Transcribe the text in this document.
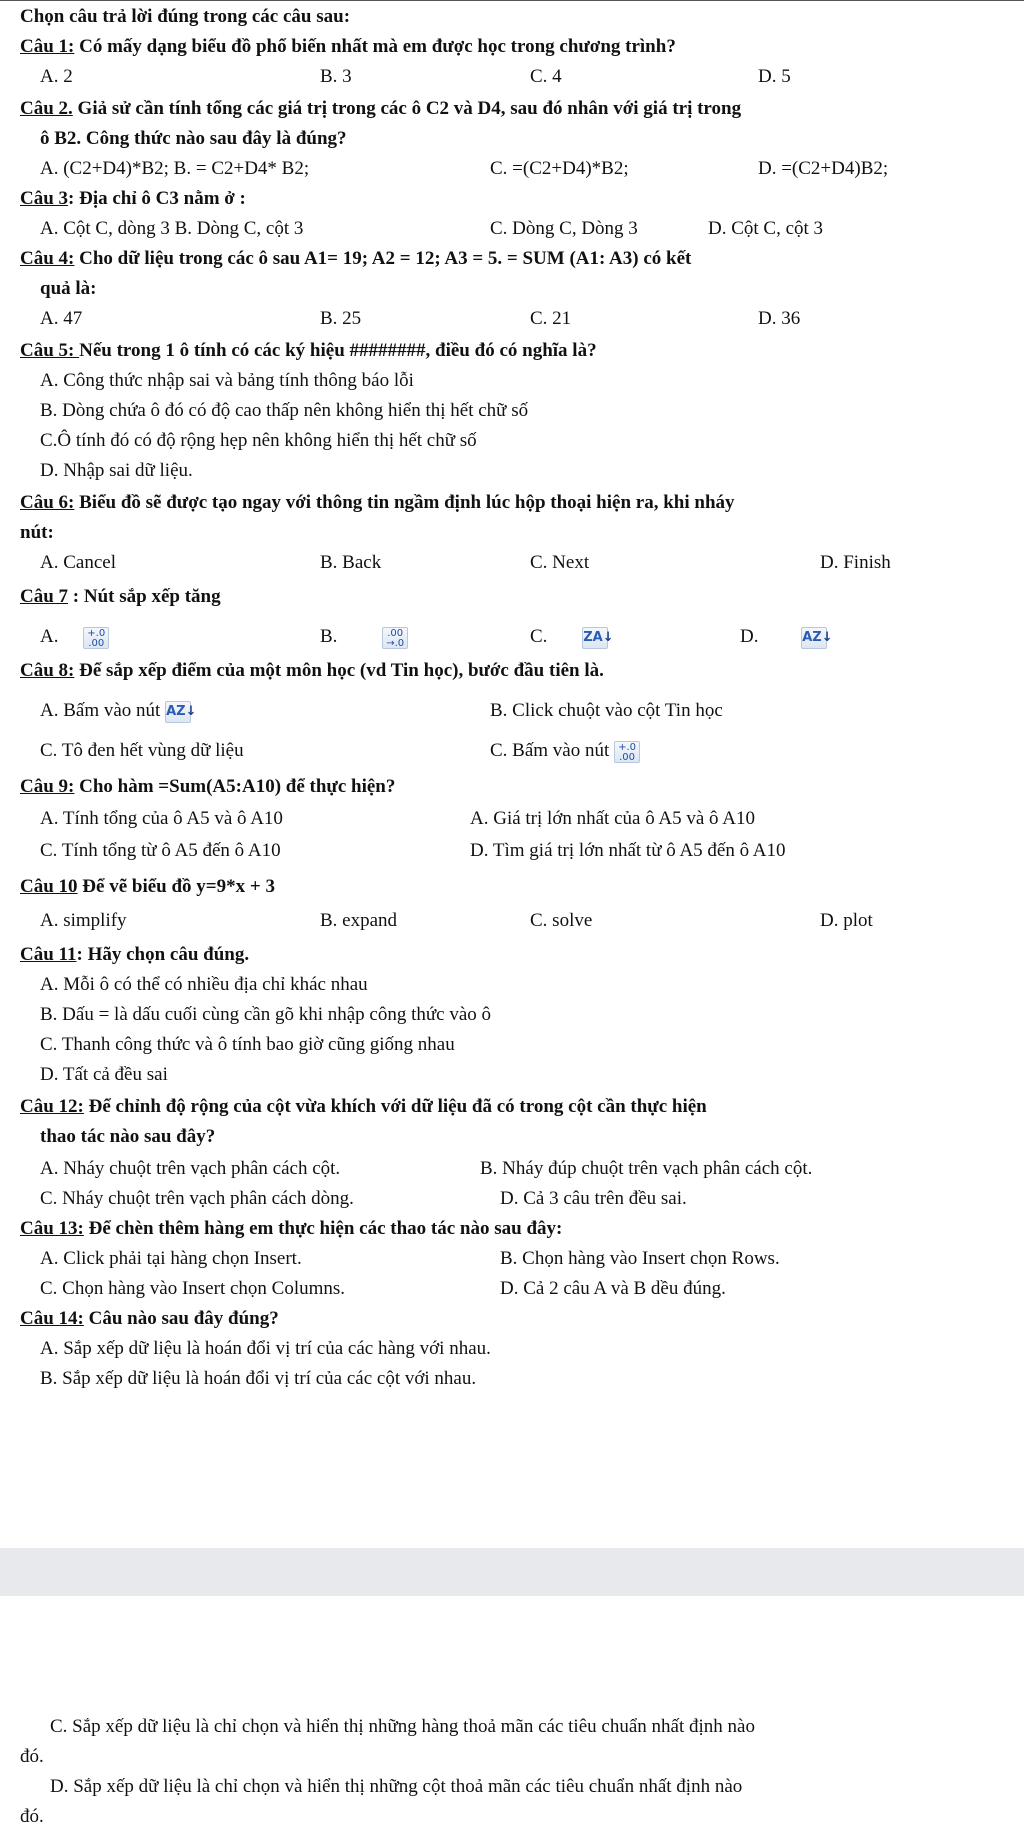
Chọn câu trả lời đúng trong các câu sau:
Câu 1: Có mấy dạng biểu đồ phổ biến nhất mà em được học trong chương trình?
A. 2	B. 3	C. 4	D. 5
Câu 2. Giả sử cần tính tổng các giá trị trong các ô C2 và D4, sau đó nhân với giá trị trong
ô B2. Công thức nào sau đây là đúng?
A. (C2+D4)*B2; B. = C2+D4* B2;	C. =(C2+D4)*B2;	D. =(C2+D4)B2;
Câu 3: Địa chỉ ô C3 nằm ở :
A. Cột C, dòng 3 B. Dòng C, cột 3	C. Dòng C, Dòng 3	D. Cột C, cột 3
Câu 4: Cho dữ liệu trong các ô sau A1= 19; A2 = 12; A3 = 5. = SUM (A1: A3) có kết
quả là:
A. 47	B. 25	C. 21	D. 36
Câu 5: Nếu trong 1 ô tính có các ký hiệu ########, điều đó có nghĩa là?
A. Công thức nhập sai và bảng tính thông báo lỗi
B. Dòng chứa ô đó có độ cao thấp nên không hiển thị hết chữ số
C.Ô tính đó có độ rộng hẹp nên không hiển thị hết chữ số
D. Nhập sai dữ liệu.
Câu 6: Biểu đồ sẽ được tạo ngay với thông tin ngầm định lúc hộp thoại hiện ra, khi nháy
nút:
A. Cancel	B. Back	C. Next	D. Finish
Câu 7 : Nút sắp xếp tăng
A.	+.0
.00	B.	.00
→.0	C.	ZA↓	D.	AZ↓
Câu 8: Để sắp xếp điểm của một môn học (vd Tin học), bước đầu tiên là.
A. Bấm vào nút AZ↓	B. Click chuột vào cột Tin học
C. Tô đen hết vùng dữ liệu	C. Bấm vào nút +.0
.00
Câu 9: Cho hàm =Sum(A5:A10) để thực hiện?
A. Tính tổng của ô A5 và ô A10	A. Giá trị lớn nhất của ô A5 và ô A10
C. Tính tổng từ ô A5 đến ô A10	D. Tìm giá trị lớn nhất từ ô A5 đến ô A10
Câu 10 Để vẽ biểu đồ y=9*x + 3
A. simplify	B. expand	C. solve	D. plot
Câu 11: Hãy chọn câu đúng.
A. Mỗi ô có thể có nhiều địa chỉ khác nhau
B. Dấu = là dấu cuối cùng cần gõ khi nhập công thức vào ô
C. Thanh công thức và ô tính bao giờ cũng giống nhau
D. Tất cả đều sai
Câu 12: Để chỉnh độ rộng của cột vừa khích với dữ liệu đã có trong cột cần thực hiện
thao tác nào sau đây?
A. Nháy chuột trên vạch phân cách cột.	B. Nháy đúp chuột trên vạch phân cách cột.
C. Nháy chuột trên vạch phân cách dòng.	D. Cả 3 câu trên đều sai.
Câu 13: Để chèn thêm hàng em thực hiện các thao tác nào sau đây:
A. Click phải tại hàng chọn Insert.	B. Chọn hàng vào Insert chọn Rows.
C. Chọn hàng vào Insert chọn Columns.	D. Cả 2 câu A và B dều đúng.
Câu 14: Câu nào sau đây đúng?
A. Sắp xếp dữ liệu là hoán đổi vị trí của các hàng với nhau.
B. Sắp xếp dữ liệu là hoán đổi vị trí của các cột với nhau.
C. Sắp xếp dữ liệu là chỉ chọn và hiển thị những hàng thoả mãn các tiêu chuẩn nhất định nào
đó.
D. Sắp xếp dữ liệu là chỉ chọn và hiển thị những cột thoả mãn các tiêu chuẩn nhất định nào
đó.
